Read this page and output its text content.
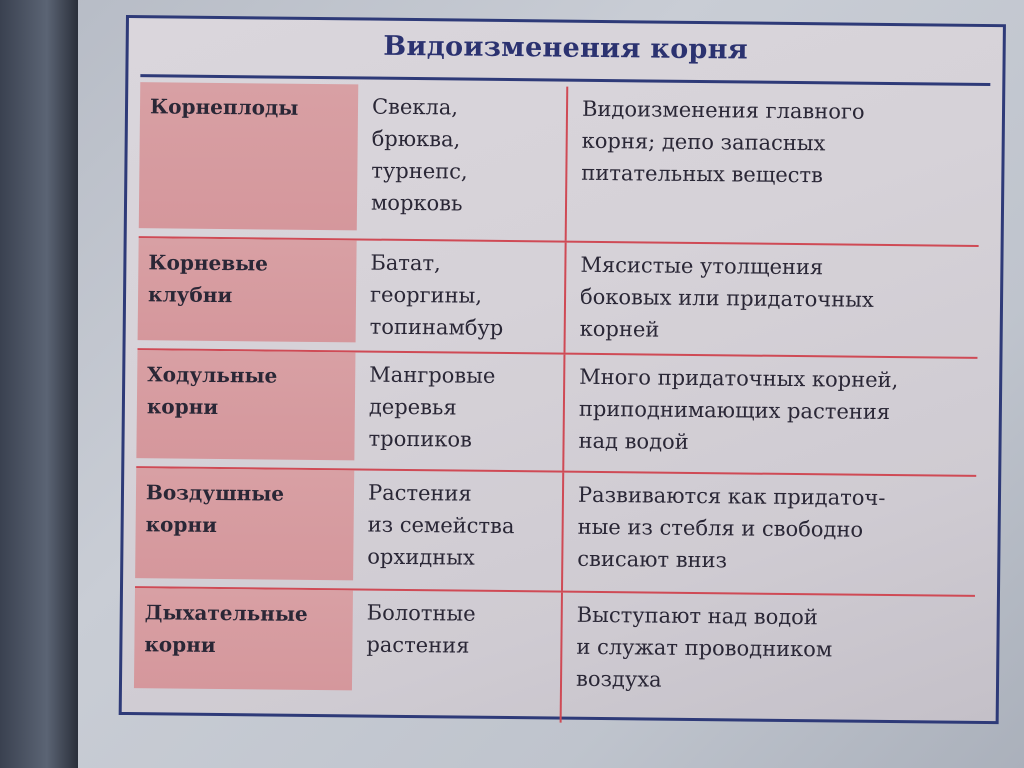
Видоизменения корня
Корнеплоды	Свекла,
брюква,
турнепс,
морковь
Видоизменения главного
корня; депо запасных
питательных веществ
Корневые клубни
Батат,
георгины,
топинамбур
Мясистые утолщения
боковых или придаточных
корней
Ходульные корни
Мангровые
деревья
тропиков
Много придаточных корней,
приподнимающих растения
над водой
Воздушные корни
Растения
из семейства
орхидных
Развиваются как придаточ-
ные из стебля и свободно
свисают вниз
Дыхательные корни
Болотные
растения
Выступают над водой
и служат проводником
воздуха
